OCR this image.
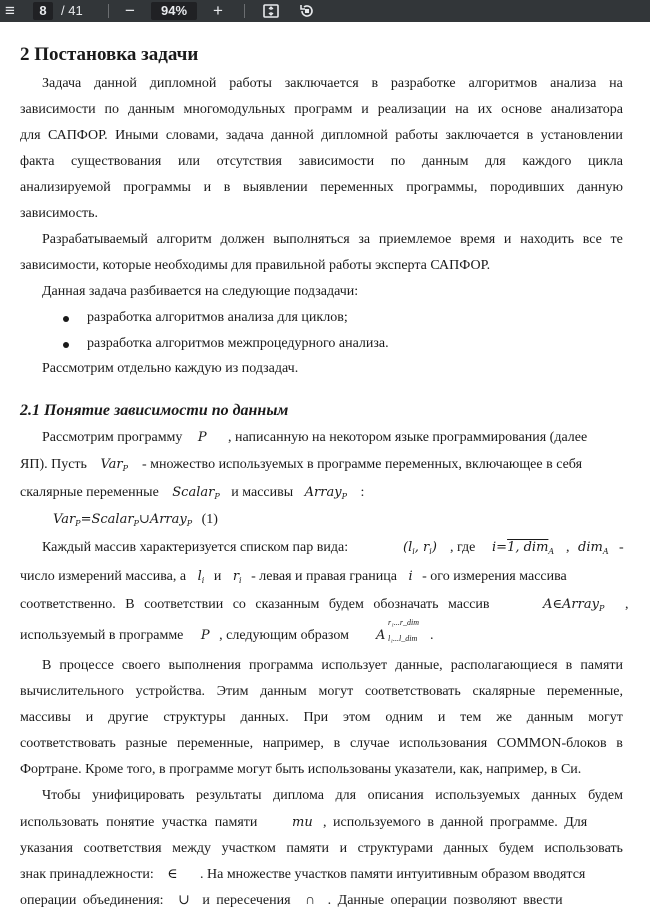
≡	8	/ 41 −	94%	+
2 Постановка задачи
Задача данной дипломной работы заключается в разработке алгоритмов анализа на
зависимости по данным многомодульных программ и реализации на их основе анализатора
для САПФОР. Иными словами, задача данной дипломной работы заключается в установлении
факта существования или отсутствия зависимости по данным для каждого цикла
анализируемой программы и в выявлении переменных программы, породивших данную
зависимость.
Разрабатываемый алгоритм должен выполняться за приемлемое время и находить все те
зависимости, которые необходимы для правильной работы эксперта САПФОР.
Данная задача разбивается на следующие подзадачи:
разработка алгоритмов анализа для циклов;
разработка алгоритмов межпроцедурного анализа.
Рассмотрим отдельно каждую из подзадач.
2.1 Понятие зависимости по данным
Рассмотрим программу P , написанную на некотором языке программирования (далее
ЯП). Пусть Var$_P$ - множество используемых в программе переменных, включающее в себя
скалярные переменные Scalar$_P$ и массивы Array$_P$ :
Var$_P$=Scalar$_P$∪Array$_P$ (1)
Каждый массив характеризуется списком пар вида:	($l_i$, $r_i$) , где i=1, dim$_A$ , dim$_A$ -
число измерений массива, а $l_i$ и $r_i$ - левая и правая граница i - ого измерения массива
соответственно. В соответствии со сказанным будем обозначать массив	A∈Array$_P$ ,
используемый в программе P , следующим образом A
r₁...r_dim
l₁...l_dim .
В процессе своего выполнения программа использует данные, располагающиеся в памяти
вычислительного устройства. Этим данным могут соответствовать скалярные переменные,
массивы и другие структуры данных. При этом одним и тем же данным могут
соответствовать разные переменные, например, в случае использования COMMON-блоков в
Фортране. Кроме того, в программе могут быть использованы указатели, как, например, в Си.
Чтобы унифицировать результаты диплома для описания используемых данных будем
использовать понятие участка памяти	mu , используемого в данной программе. Для
указания соответствия между участком памяти и структурами данных будем использовать
знак принадлежности: ∈ . На множестве участков памяти интуитивным образом вводятся
операции объединения: ∪ и пересечения ∩ . Данные операции позволяют ввести
